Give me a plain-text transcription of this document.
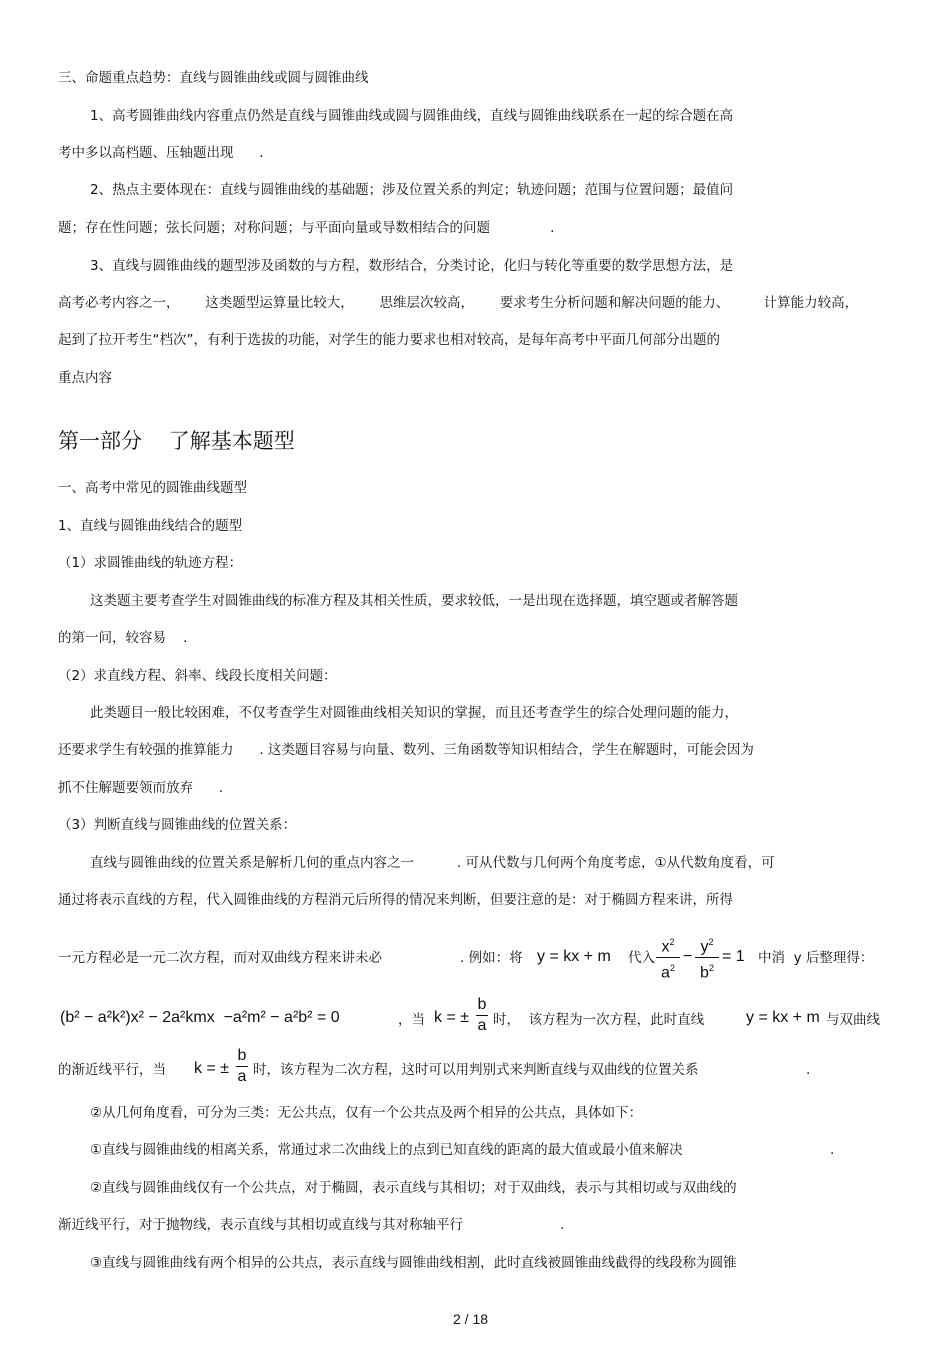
三、命题重点趋势：直线与圆锥曲线或圆与圆锥曲线
1、高考圆锥曲线内容重点仍然是直线与圆锥曲线或圆与圆锥曲线，直线与圆锥曲线联系在一起的综合题在高
考中多以高档题、压轴题出现      .
2、热点主要体现在：直线与圆锥曲线的基础题；涉及位置关系的判定；轨迹问题；范围与位置问题；最值问
题；存在性问题；弦长问题；对称问题；与平面向量或导数相结合的问题              .
3、直线与圆锥曲线的题型涉及函数的与方程，数形结合，分类讨论，化归与转化等重要的数学思想方法，是
高考必考内容之一，      这类题型运算量比较大，      思维层次较高，      要求考生分析问题和解决问题的能力、        计算能力较高，
起到了拉开考生“档次”，有利于选拔的功能，对学生的能力要求也相对较高，是每年高考中平面几何部分出题的
重点内容
第一部分    了解基本题型
一、高考中常见的圆锥曲线题型
1、直线与圆锥曲线结合的题型
（1）求圆锥曲线的轨迹方程：
这类题主要考查学生对圆锥曲线的标准方程及其相关性质，要求较低，一是出现在选择题，填空题或者解答题
的第一问，较容易    .
（2）求直线方程、斜率、线段长度相关问题：
此类题目一般比较困难，不仅考查学生对圆锥曲线相关知识的掌握，而且还考查学生的综合处理问题的能力，
还要求学生有较强的推算能力      . 这类题目容易与向量、数列、三角函数等知识相结合，学生在解题时，可能会因为
抓不住解题要领而放弃      .
（3）判断直线与圆锥曲线的位置关系：
直线与圆锥曲线的位置关系是解析几何的重点内容之一          . 可从代数与几何两个角度考虑，①从代数角度看，可
通过将表示直线的方程，代入圆锥曲线的方程消元后所得的情况来判断，但要注意的是：对于椭圆方程来讲，所得
一元方程必是一元二次方程，而对双曲线方程来讲未必	. 例如：将 y = kx + m 代入
$x^2$
$a^2$
−
$y^2$
$b^2$
= 1 中消  y 后整理得：
(b² − a²k²)x² − 2a²kmx  −a²m² − a²b² = 0	，当 k = ±
b
a 时，  该方程为一次方程，此时直线	y = kx + m 与双曲线
的渐近线平行，当 k = ±
b
a 时，该方程为二次方程，这时可以用判别式来判断直线与双曲线的位置关系	.
②从几何角度看，可分为三类：无公共点，仅有一个公共点及两个相异的公共点，具体如下：
①直线与圆锥曲线的相离关系，常通过求二次曲线上的点到已知直线的距离的最大值或最小值来解决	.
②直线与圆锥曲线仅有一个公共点，对于椭圆，表示直线与其相切；对于双曲线，表示与其相切或与双曲线的
渐近线平行，对于抛物线，表示直线与其相切或直线与其对称轴平行	.
③直线与圆锥曲线有两个相异的公共点，表示直线与圆锥曲线相割，此时直线被圆锥曲线截得的线段称为圆锥
2 / 18
